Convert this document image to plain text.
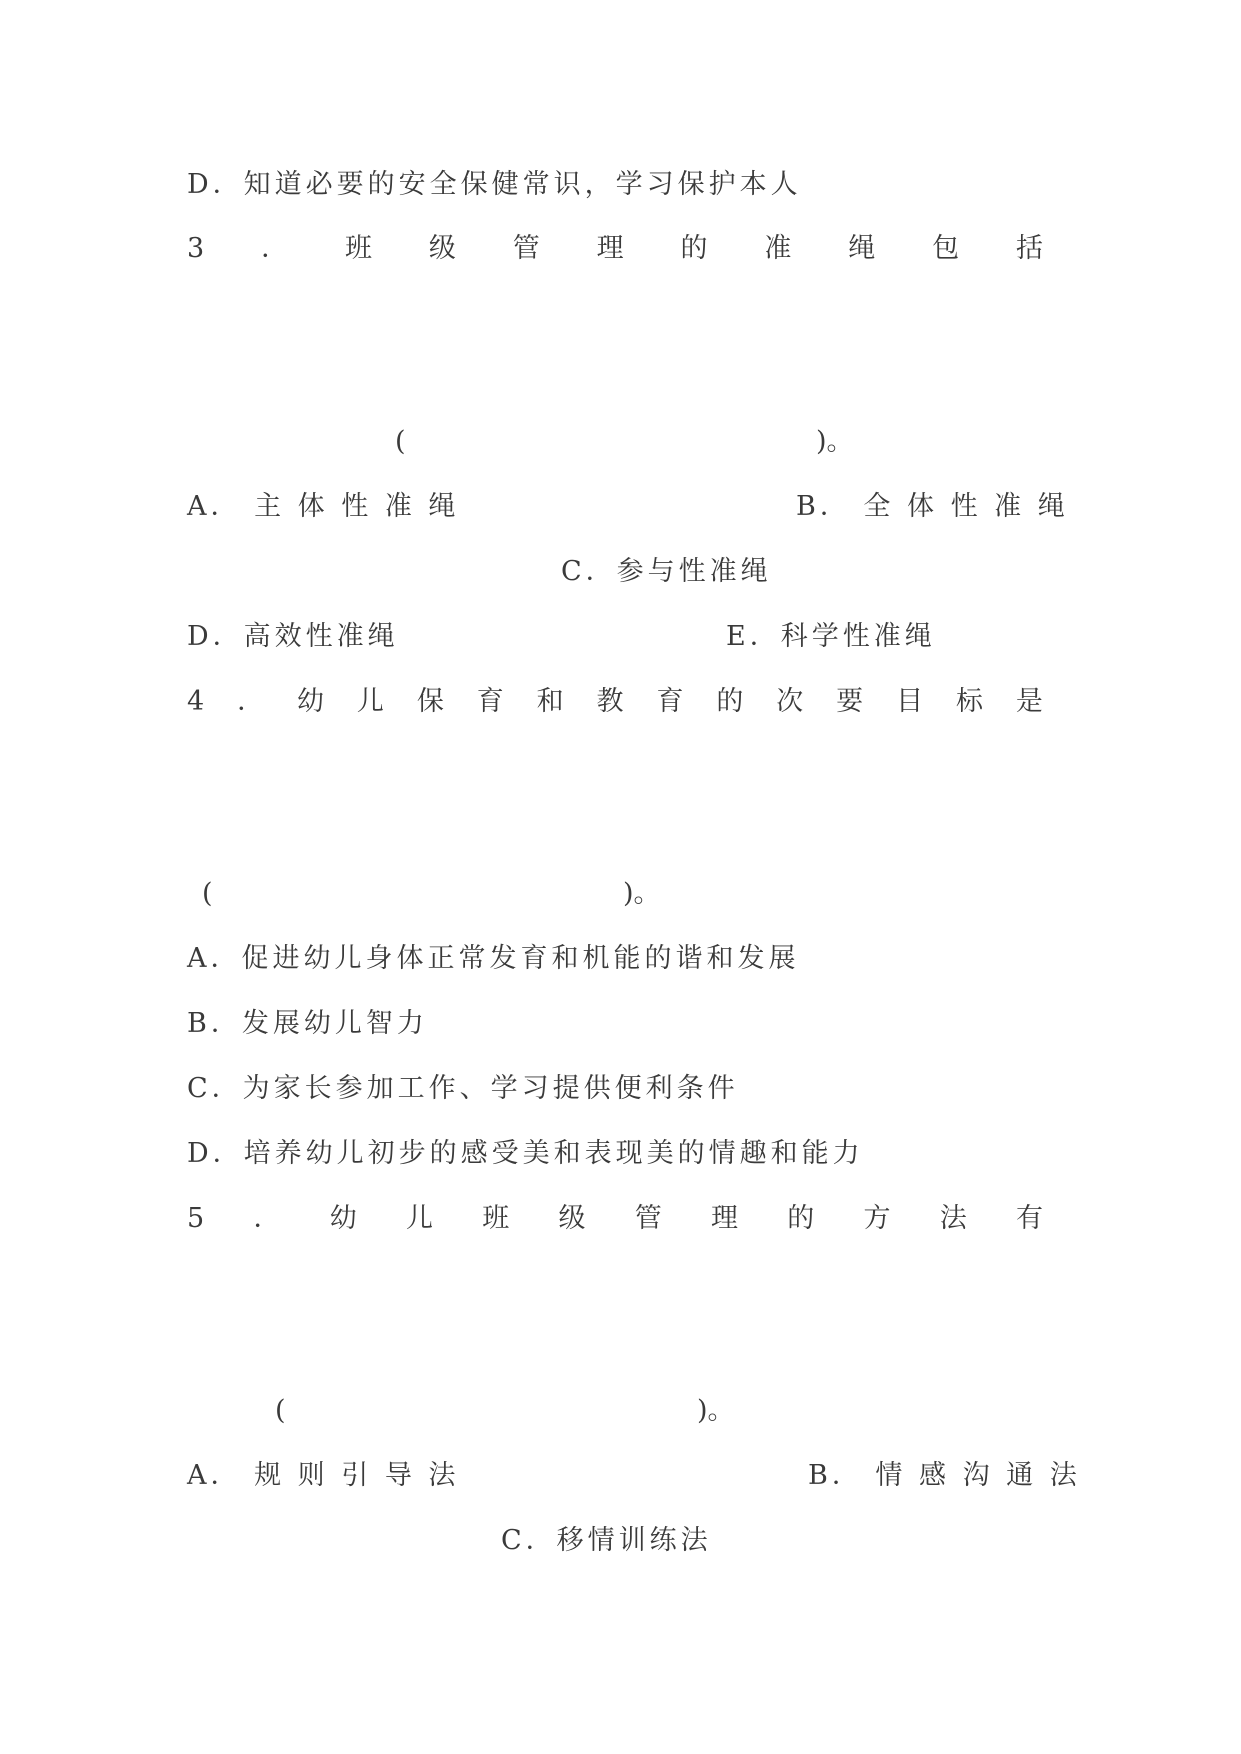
D．知道必要的安全保健常识，学习保护本人
3 ． 班 级 管 理 的 准 绳 包 括
(	)。
A． 主 体 性 准 绳	B． 全 体 性 准 绳
C．参与性准绳
D．高效性准绳	E．科学性准绳
4 ． 幼 儿 保 育 和 教 育 的 次 要 目 标 是
(	)。
A．促进幼儿身体正常发育和机能的谐和发展
B．发展幼儿智力
C．为家长参加工作、学习提供便利条件
D．培养幼儿初步的感受美和表现美的情趣和能力
5 ． 幼 儿 班 级 管 理 的 方 法 有
(	)。
A． 规 则 引 导 法	B． 情 感 沟 通 法
C．移情训练法
